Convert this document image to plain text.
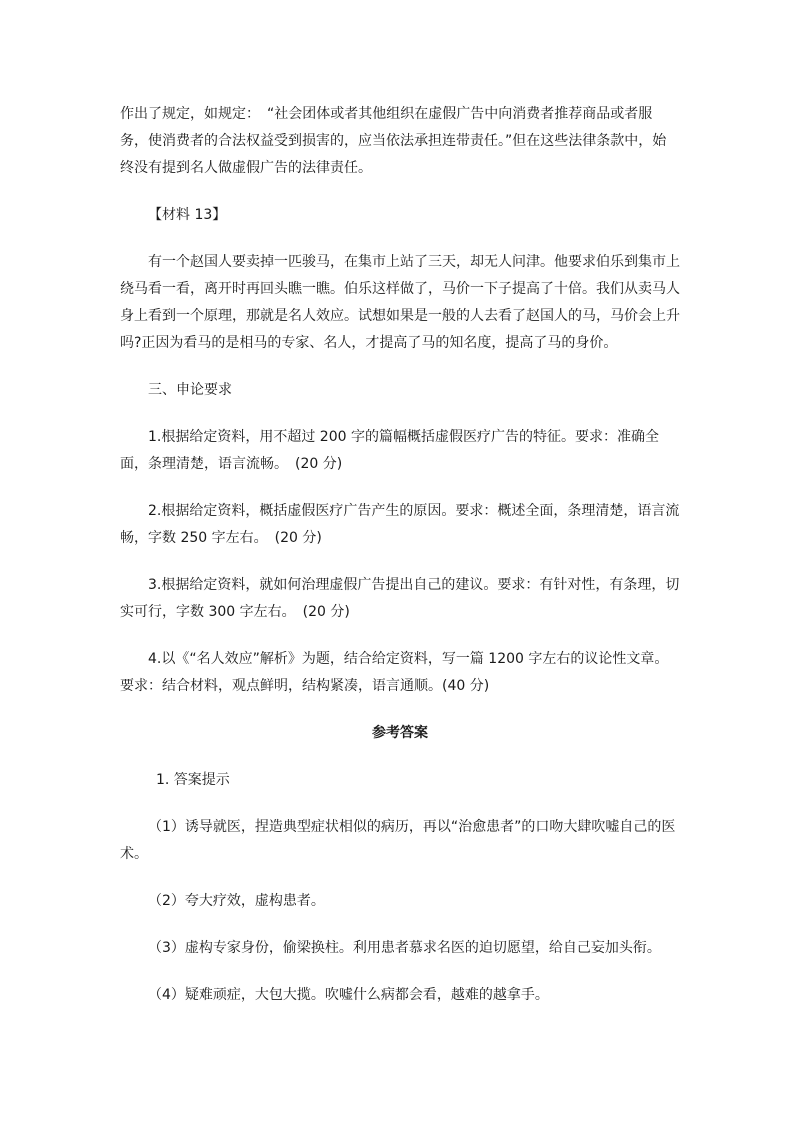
作出了规定，如规定：　“社会团体或者其他组织在虚假广告中向消费者推荐商品或者服务，使消费者的合法权益受到损害的，应当依法承担连带责任。”但在这些法律条款中，始终没有提到名人做虚假广告的法律责任。

【材料 13】

有一个赵国人要卖掉一匹骏马，在集市上站了三天，却无人问津。他要求伯乐到集市上绕马看一看，离开时再回头瞧一瞧。伯乐这样做了，马价一下子提高了十倍。我们从卖马人身上看到一个原理，那就是名人效应。试想如果是一般的人去看了赵国人的马，马价会上升吗?正因为看马的是相马的专家、名人，才提高了马的知名度，提高了马的身价。

三、申论要求

1.根据给定资料，用不超过 200 字的篇幅概括虚假医疗广告的特征。要求：准确全面，条理清楚，语言流畅。　(20 分)

2.根据给定资料，概括虚假医疗广告产生的原因。要求：概述全面，条理清楚，语言流畅，字数 250 字左右。　(20 分)

3.根据给定资料，就如何治理虚假广告提出自己的建议。要求：有针对性，有条理，切实可行，字数 300 字左右。　(20 分)

4.以《“名人效应”解析》为题，结合给定资料，写一篇 1200 字左右的议论性文章。要求：结合材料，观点鲜明，结构紧凑，语言通顺。(40 分)

参考答案

1. 答案提示

（1）诱导就医，捏造典型症状相似的病历，再以“治愈患者”的口吻大肆吹嘘自己的医术。

（2）夸大疗效，虚构患者。

（3）虚构专家身份，偷梁换柱。利用患者慕求名医的迫切愿望，给自己妄加头衔。

（4）疑难顽症，大包大揽。吹嘘什么病都会看，越难的越拿手。
